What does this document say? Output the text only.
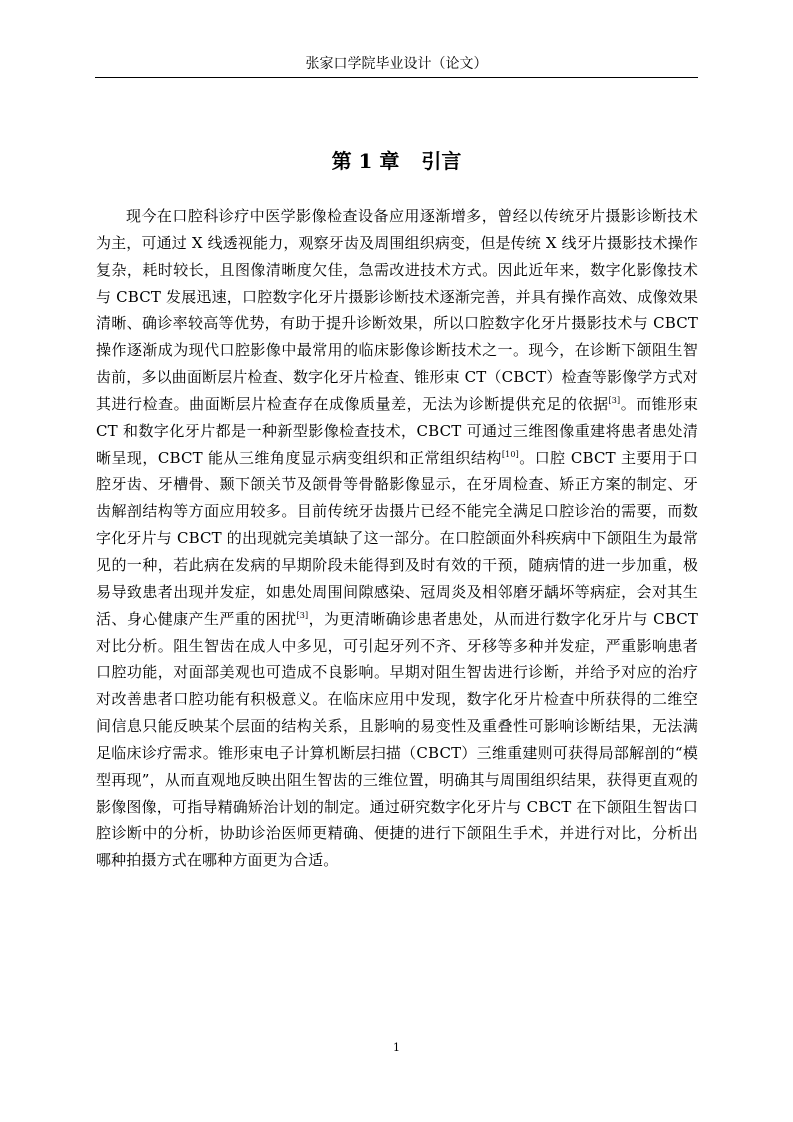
张家口学院毕业设计（论文）
第 1 章 引言

现今在口腔科诊疗中医学影像检查设备应用逐渐增多，曾经以传统牙片摄影诊断技术为主，可通过 X 线透视能力，观察牙齿及周围组织病变，但是传统 X 线牙片摄影技术操作复杂，耗时较长，且图像清晰度欠佳，急需改进技术方式。因此近年来，数字化影像技术与 CBCT 发展迅速，口腔数字化牙片摄影诊断技术逐渐完善，并具有操作高效、成像效果清晰、确诊率较高等优势，有助于提升诊断效果，所以口腔数字化牙片摄影技术与 CBCT 操作逐渐成为现代口腔影像中最常用的临床影像诊断技术之一。现今，在诊断下颌阻生智齿前，多以曲面断层片检查、数字化牙片检查、锥形束 CT（CBCT）检查等影像学方式对其进行检查。曲面断层片检查存在成像质量差，无法为诊断提供充足的依据[3]。而锥形束 CT 和数字化牙片都是一种新型影像检查技术，CBCT 可通过三维图像重建将患者患处清晰呈现，CBCT 能从三维角度显示病变组织和正常组织结构[10]。口腔 CBCT 主要用于口腔牙齿、牙槽骨、颞下颌关节及颌骨等骨骼影像显示，在牙周检查、矫正方案的制定、牙齿解剖结构等方面应用较多。目前传统牙齿摄片已经不能完全满足口腔诊治的需要，而数字化牙片与 CBCT 的出现就完美填缺了这一部分。在口腔颌面外科疾病中下颌阻生为最常见的一种，若此病在发病的早期阶段未能得到及时有效的干预，随病情的进一步加重，极易导致患者出现并发症，如患处周围间隙感染、冠周炎及相邻磨牙龋坏等病症，会对其生活、身心健康产生严重的困扰[3]，为更清晰确诊患者患处，从而进行数字化牙片与 CBCT 对比分析。阻生智齿在成人中多见，可引起牙列不齐、牙移等多种并发症，严重影响患者口腔功能，对面部美观也可造成不良影响。早期对阻生智齿进行诊断，并给予对应的治疗对改善患者口腔功能有积极意义。在临床应用中发现，数字化牙片检查中所获得的二维空间信息只能反映某个层面的结构关系，且影响的易变性及重叠性可影响诊断结果，无法满足临床诊疗需求。锥形束电子计算机断层扫描（CBCT）三维重建则可获得局部解剖的“模型再现”，从而直观地反映出阻生智齿的三维位置，明确其与周围组织结果，获得更直观的影像图像，可指导精确矫治计划的制定。通过研究数字化牙片与 CBCT 在下颌阻生智齿口腔诊断中的分析，协助诊治医师更精确、便捷的进行下颌阻生手术，并进行对比，分析出哪种拍摄方式在哪种方面更为合适。

1
